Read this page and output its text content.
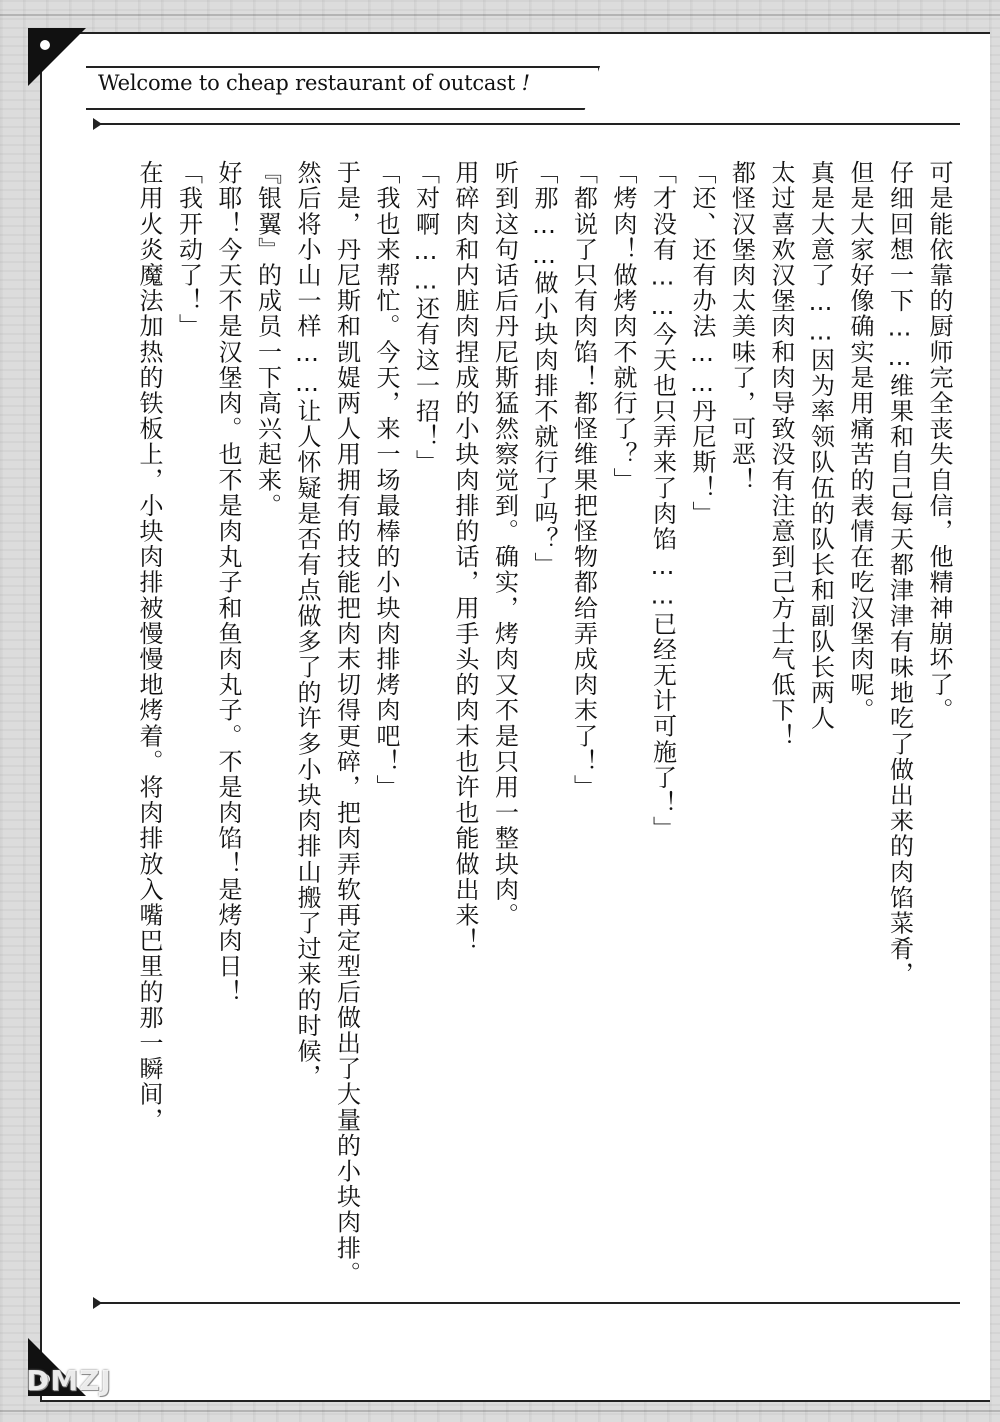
Welcome to cheap restaurant of outcast !
可是能依靠的厨师完全丧失自信，他精神崩坏了。
仔细回想一下……维果和自己每天都津津有味地吃了做出来的肉馅菜肴，
但是大家好像确实是用痛苦的表情在吃汉堡肉呢。
真是大意了……因为率领队伍的队长和副队长两人
太过喜欢汉堡肉和肉导致没有注意到己方士气低下！
都怪汉堡肉太美味了，可恶！
「还、还有办法……丹尼斯！」
「才没有……今天也只弄来了肉馅……已经无计可施了！」
「烤肉！做烤肉不就行了？」
「都说了只有肉馅！都怪维果把怪物都给弄成肉末了！」
「那……做小块肉排不就行了吗？」
听到这句话后丹尼斯猛然察觉到。确实，烤肉又不是只用一整块肉。
用碎肉和内脏肉捏成的小块肉排的话，用手头的肉末也许也能做出来！
「对啊……还有这一招！」
「我也来帮忙。今天，来一场最棒的小块肉排烤肉吧！」
于是，丹尼斯和凯媞两人用拥有的技能把肉末切得更碎，把肉弄软再定型后做出了大量的小块肉排。
然后将小山一样……让人怀疑是否有点做多了的许多小块肉排山搬了过来的时候，
『银翼』的成员一下高兴起来。
好耶！今天不是汉堡肉。也不是肉丸子和鱼肉丸子。不是肉馅！是烤肉日！
「我开动了！」
在用火炎魔法加热的铁板上，小块肉排被慢慢地烤着。将肉排放入嘴巴里的那一瞬间，
DMZJ
